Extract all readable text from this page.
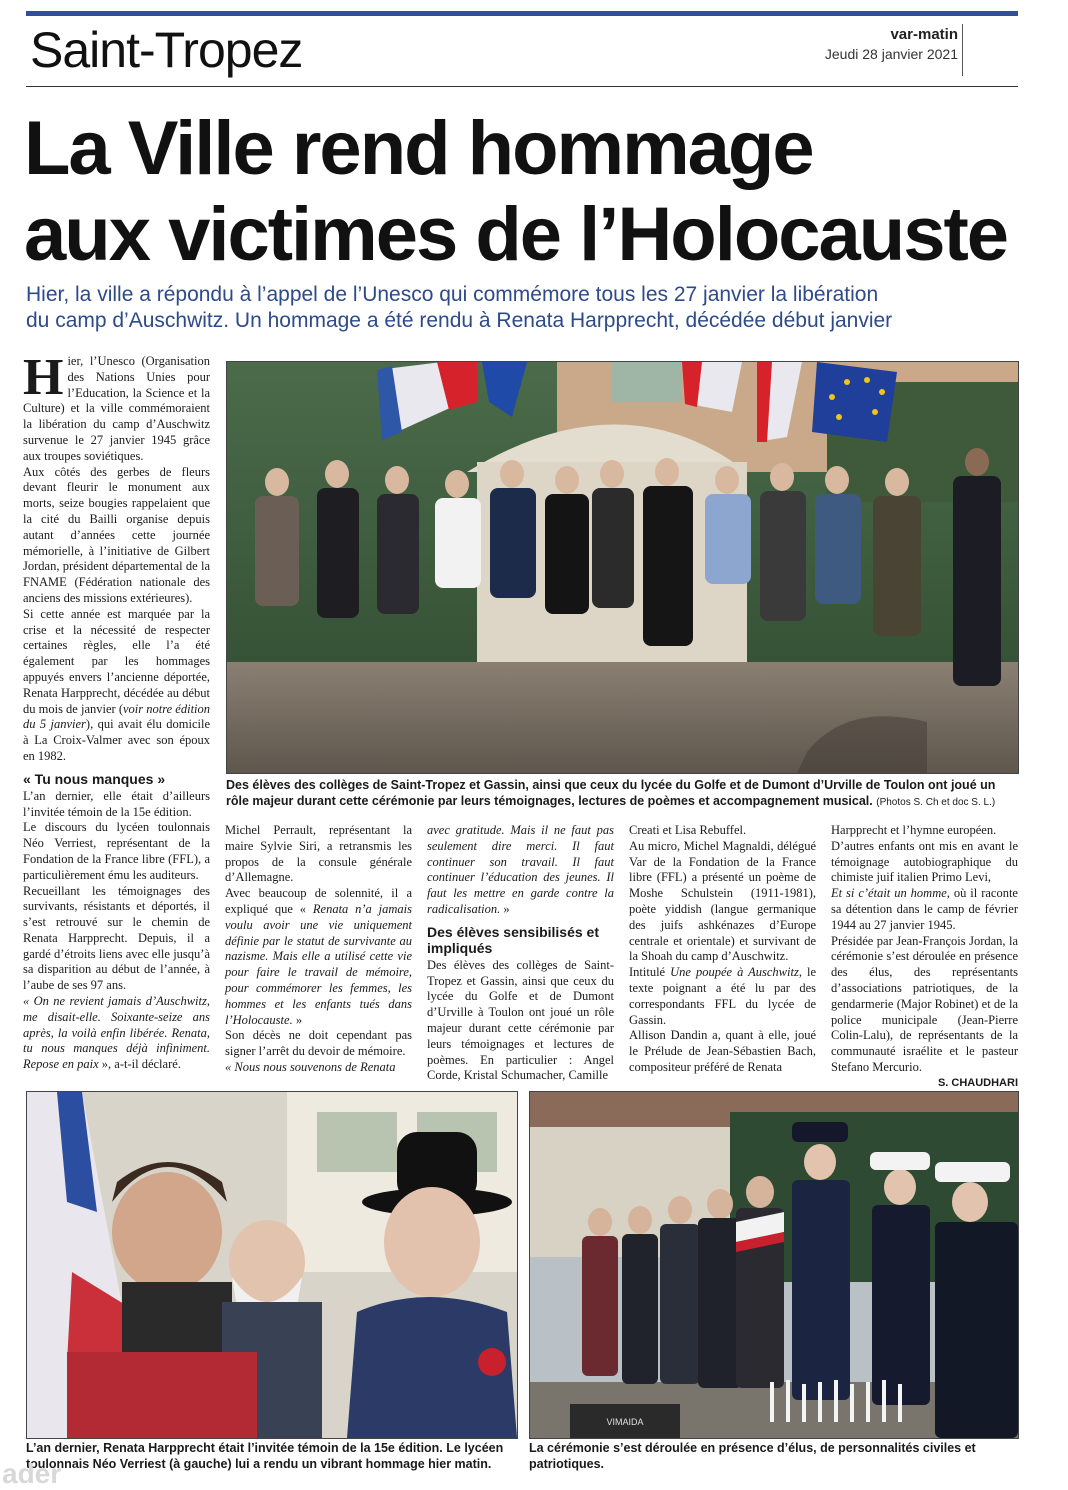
Saint-Tropez	var-matin
Jeudi 28 janvier 2021
La Ville rend hommage
aux victimes de l’Holocauste

Hier, la ville a répondu à l’appel de l’Unesco qui commémore tous les 27 janvier la libération
du camp d’Auschwitz. Un hommage a été rendu à Renata Harpprecht, décédée début janvier

Hier, l’Unesco (Organisation des Nations Unies pour l’Education, la Science et la Culture) et la ville commémoraient la libération du camp d’Auschwitz survenue le 27 janvier 1945 grâce aux troupes soviétiques.

Aux côtés des gerbes de fleurs devant fleurir le monument aux morts, seize bougies rappelaient que la cité du Bailli organise depuis autant d’années cette journée mémorielle, à l’initiative de Gilbert Jordan, président départemental de la FNAME (Fédération nationale des anciens des missions extérieures).

Si cette année est marquée par la crise et la nécessité de respecter certaines règles, elle l’a été également par les hommages appuyés envers l’ancienne déportée, Renata Harpprecht, décédée au début du mois de janvier (voir notre édition du 5 janvier), qui avait élu domicile à La Croix-Valmer avec son époux en 1982.

« Tu nous manques »

L’an dernier, elle était d’ailleurs l’invitée témoin de la 15e édition.

Le discours du lycéen toulonnais Néo Verriest, représentant de la Fondation de la France libre (FFL), a particulièrement ému les auditeurs.

Recueillant les témoignages des survivants, résistants et déportés, il s’est retrouvé sur le chemin de Renata Harpprecht. Depuis, il a gardé d’étroits liens avec elle jusqu’à sa disparition au début de l’année, à l’aube de ses 97 ans.

« On ne revient jamais d’Auschwitz, me disait-elle. Soixante-seize ans après, la voilà enfin libérée. Renata, tu nous manques déjà infiniment. Repose en paix », a-t-il déclaré.

Des élèves des collèges de Saint-Tropez et Gassin, ainsi que ceux du lycée du Golfe et de Dumont d’Urville de Toulon ont joué un rôle majeur durant cette cérémonie par leurs témoignages, lectures de poèmes et accompagnement musical. (Photos S. Ch et doc S. L.)

Michel Perrault, représentant la maire Sylvie Siri, a retransmis les propos de la consule générale d’Allemagne.

Avec beaucoup de solennité, il a expliqué que « Renata n’a jamais voulu avoir une vie uniquement définie par le statut de survivante au nazisme. Mais elle a utilisé cette vie pour faire le travail de mémoire, pour commémorer les femmes, les hommes et les enfants tués dans l’Holocauste. »

Son décès ne doit cependant pas signer l’arrêt du devoir de mémoire.

« Nous nous souvenons de Renata

avec gratitude. Mais il ne faut pas seulement dire merci. Il faut continuer son travail. Il faut continuer l’éducation des jeunes. Il faut les mettre en garde contre la radicalisation. »

Des élèves sensibilisés et impliqués

Des élèves des collèges de Saint-Tropez et Gassin, ainsi que ceux du lycée du Golfe et de Dumont d’Urville à Toulon ont joué un rôle majeur durant cette cérémonie par leurs témoignages et lectures de poèmes. En particulier : Angel Corde, Kristal Schumacher, Camille

Creati et Lisa Rebuffel.

Au micro, Michel Magnaldi, délégué Var de la Fondation de la France libre (FFL) a présenté un poème de Moshe Schulstein (1911-1981), poète yiddish (langue germanique des juifs ashkénazes d’Europe centrale et orientale) et survivant de la Shoah du camp d’Auschwitz.

Intitulé Une poupée à Auschwitz, le texte poignant a été lu par des correspondants FFL du lycée de Gassin.

Allison Dandin a, quant à elle, joué le Prélude de Jean-Sébastien Bach, compositeur préféré de Renata

Harpprecht et l’hymne européen.

D’autres enfants ont mis en avant le témoignage autobiographique du chimiste juif italien Primo Levi,

Et si c’était un homme, où il raconte sa détention dans le camp de février 1944 au 27 janvier 1945.

Présidée par Jean-François Jordan, la cérémonie s’est déroulée en présence des élus, des représentants d’associations patriotiques, de la gendarmerie (Major Robinet) et de la police municipale (Jean-Pierre Colin-Lalu), de représentants de la communauté israélite et le pasteur Stefano Mercurio.

S. CHAUDHARI
L’an dernier, Renata Harpprecht était l’invitée témoin de la 15e édition. Le lycéen toulonnais Néo Verriest (à gauche) lui a rendu un vibrant hommage hier matin.
VIMAIDA
La cérémonie s’est déroulée en présence d’élus, de personnalités civiles et patriotiques.
ader
